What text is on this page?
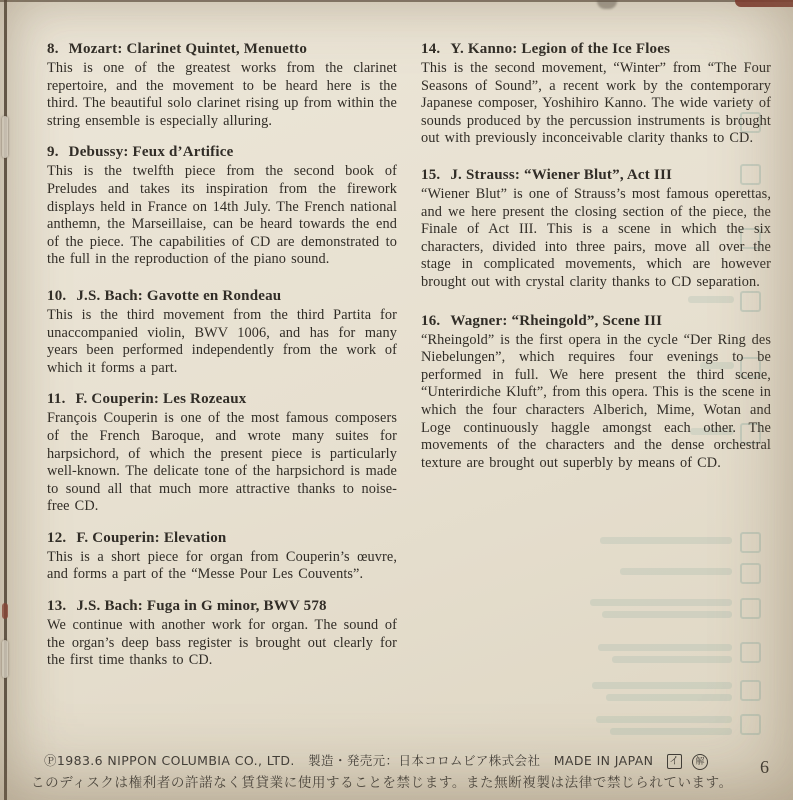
8. Mozart: Clarinet Quintet, Menuetto

This is one of the greatest works from the clarinet repertoire, and the movement to be heard here is the third. The beautiful solo clarinet rising up from within the string ensemble is especially alluring.

9. Debussy: Feux d’Artifice

This is the twelfth piece from the second book of Preludes and takes its inspiration from the firework displays held in France on 14th July. The French national anthemn, the Marseillaise, can be heard towards the end of the piece. The capabilities of CD are demonstrated to the full in the reproduction of the piano sound.

10. J.S. Bach: Gavotte en Rondeau

This is the third movement from the third Partita for unaccompanied violin, BWV 1006, and has for many years been performed independently from the work of which it forms a part.

11. F. Couperin: Les Rozeaux

François Couperin is one of the most famous composers of the French Baroque, and wrote many suites for harpsichord, of which the present piece is particularly well-known. The delicate tone of the harpsichord is made to sound all that much more attractive thanks to noise-free CD.

12. F. Couperin: Elevation

This is a short piece for organ from Couperin’s œuvre, and forms a part of the “Messe Pour Les Couvents”.

13. J.S. Bach: Fuga in G minor, BWV 578

We continue with another work for organ. The sound of the organ’s deep bass register is brought out clearly for the first time thanks to CD.

14. Y. Kanno: Legion of the Ice Floes

This is the second movement, “Winter” from “The Four Seasons of Sound”, a recent work by the contemporary Japanese composer, Yoshihiro Kanno. The wide variety of sounds produced by the percussion instruments is brought out with previously inconceivable clarity thanks to CD.

15. J. Strauss: “Wiener Blut”, Act III

“Wiener Blut” is one of Strauss’s most famous operettas, and we here present the closing section of the piece, the Finale of Act III. This is a scene in which the six characters, divided into three pairs, move all over the stage in complicated movements, which are however brought out with crystal clarity thanks to CD separation.

16. Wagner: “Rheingold”, Scene III

“Rheingold” is the first opera in the cycle “Der Ring des Niebelungen”, which requires four evenings to be performed in full. We here present the third scene, “Unterirdiche Kluft”, from this opera. This is the scene in which the four characters Alberich, Mime, Wotan and Loge continuously haggle amongst each other. The movements of the characters and the dense orchestral texture are brought out superbly by means of CD.

Ⓟ1983.6 NIPPON COLUMBIA CO., LTD. 製造・発売元：日本コロムビア株式会社 MADE IN JAPAN イ 解
このディスクは権利者の許諾なく賃貸業に使用することを禁じます。また無断複製は法律で禁じられています。
6
